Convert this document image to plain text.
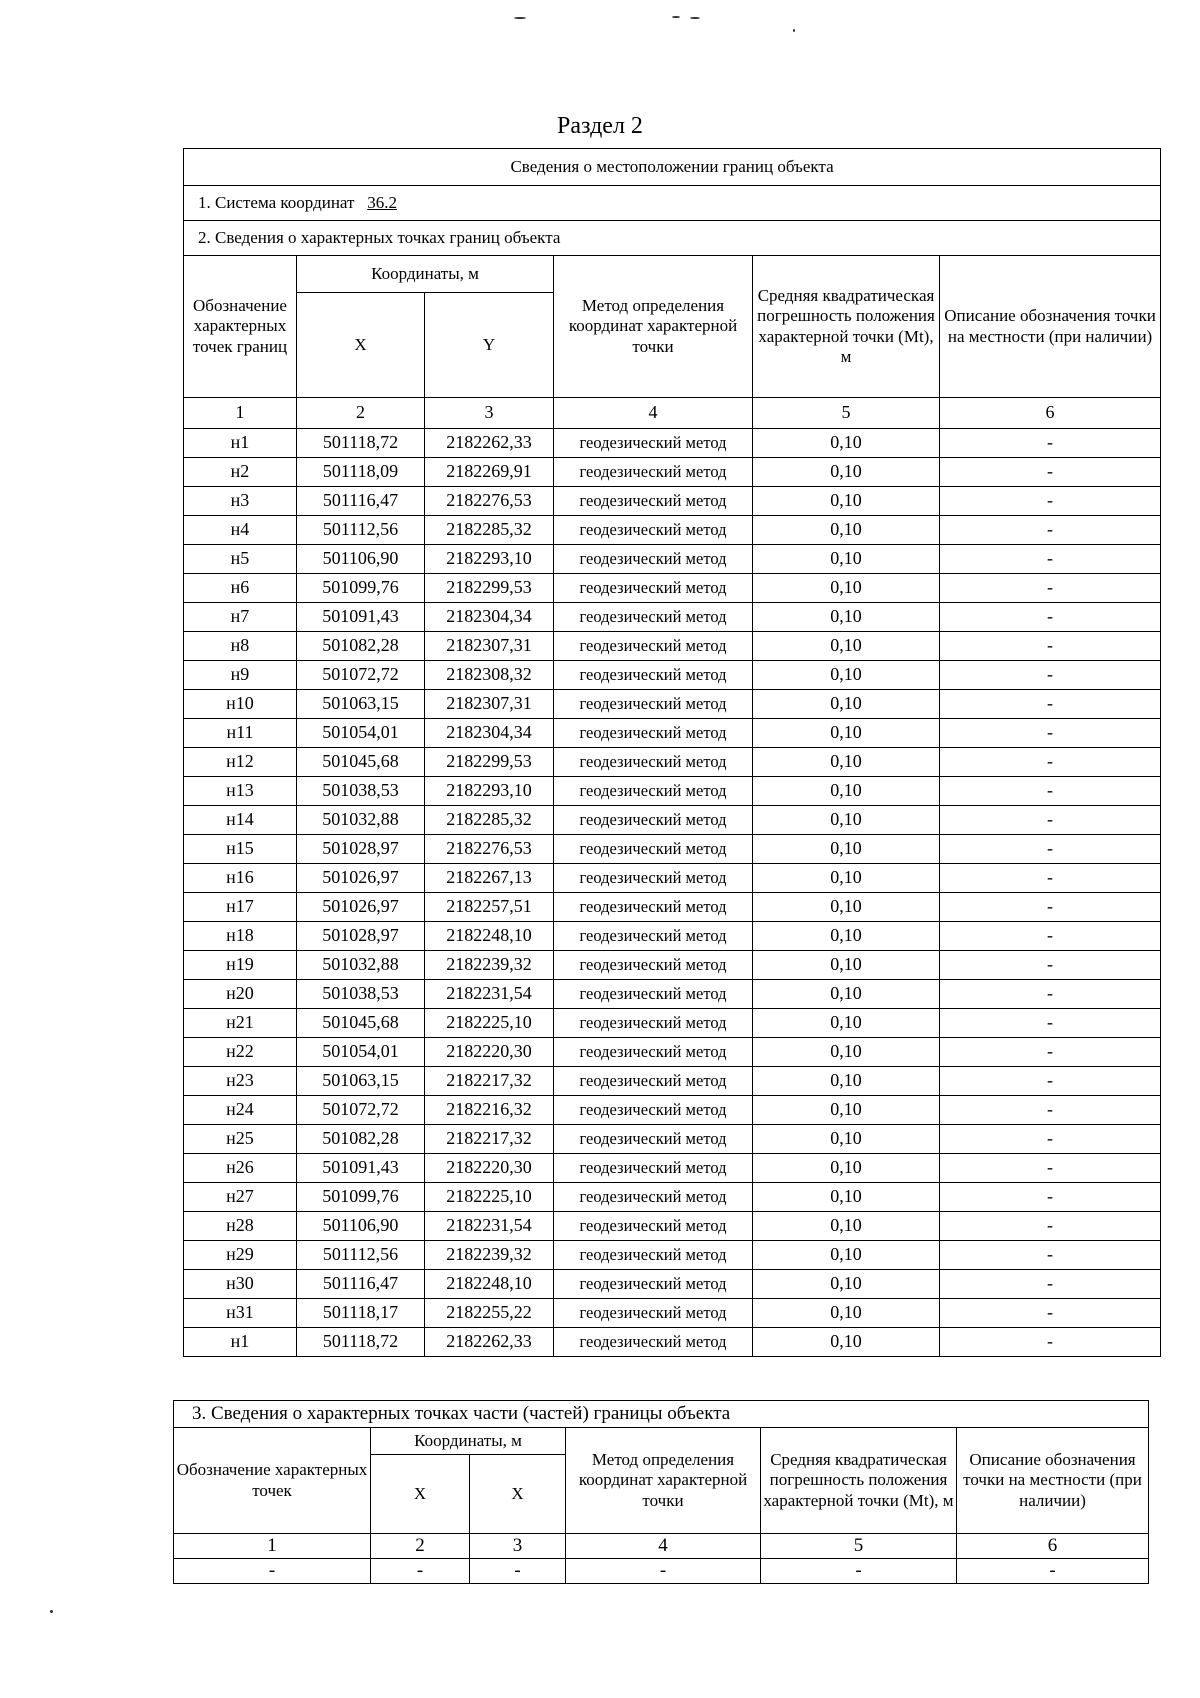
Раздел 2
Сведения о местоположении границ объекта					
1. Система координат 36.2					
2. Сведения о характерных точках границ объекта					
Обозначение характерных точек границ	Координаты, м		Метод определения координат характерной точки	Средняя квадратическая погрешность положения характерной точки (Mt), м	Описание обозначения точки на местности (при наличии)
	X	Y			
1	2	3	4	5	6
н1	501118,72	2182262,33	геодезический метод	0,10	-
н2	501118,09	2182269,91	геодезический метод	0,10	-
н3	501116,47	2182276,53	геодезический метод	0,10	-
н4	501112,56	2182285,32	геодезический метод	0,10	-
н5	501106,90	2182293,10	геодезический метод	0,10	-
н6	501099,76	2182299,53	геодезический метод	0,10	-
н7	501091,43	2182304,34	геодезический метод	0,10	-
н8	501082,28	2182307,31	геодезический метод	0,10	-
н9	501072,72	2182308,32	геодезический метод	0,10	-
н10	501063,15	2182307,31	геодезический метод	0,10	-
н11	501054,01	2182304,34	геодезический метод	0,10	-
н12	501045,68	2182299,53	геодезический метод	0,10	-
н13	501038,53	2182293,10	геодезический метод	0,10	-
н14	501032,88	2182285,32	геодезический метод	0,10	-
н15	501028,97	2182276,53	геодезический метод	0,10	-
н16	501026,97	2182267,13	геодезический метод	0,10	-
н17	501026,97	2182257,51	геодезический метод	0,10	-
н18	501028,97	2182248,10	геодезический метод	0,10	-
н19	501032,88	2182239,32	геодезический метод	0,10	-
н20	501038,53	2182231,54	геодезический метод	0,10	-
н21	501045,68	2182225,10	геодезический метод	0,10	-
н22	501054,01	2182220,30	геодезический метод	0,10	-
н23	501063,15	2182217,32	геодезический метод	0,10	-
н24	501072,72	2182216,32	геодезический метод	0,10	-
н25	501082,28	2182217,32	геодезический метод	0,10	-
н26	501091,43	2182220,30	геодезический метод	0,10	-
н27	501099,76	2182225,10	геодезический метод	0,10	-
н28	501106,90	2182231,54	геодезический метод	0,10	-
н29	501112,56	2182239,32	геодезический метод	0,10	-
н30	501116,47	2182248,10	геодезический метод	0,10	-
н31	501118,17	2182255,22	геодезический метод	0,10	-
н1	501118,72	2182262,33	геодезический метод	0,10	-
3. Сведения о характерных точках части (частей) границы объекта					
Обозначение характерных точек	Координаты, м		Метод определения координат характерной точки	Средняя квадратическая погрешность положения характерной точки (Mt), м	Описание обозначения точки на местности (при наличии)
	X	X			
1	2	3	4	5	6
-	-	-	-	-	-
